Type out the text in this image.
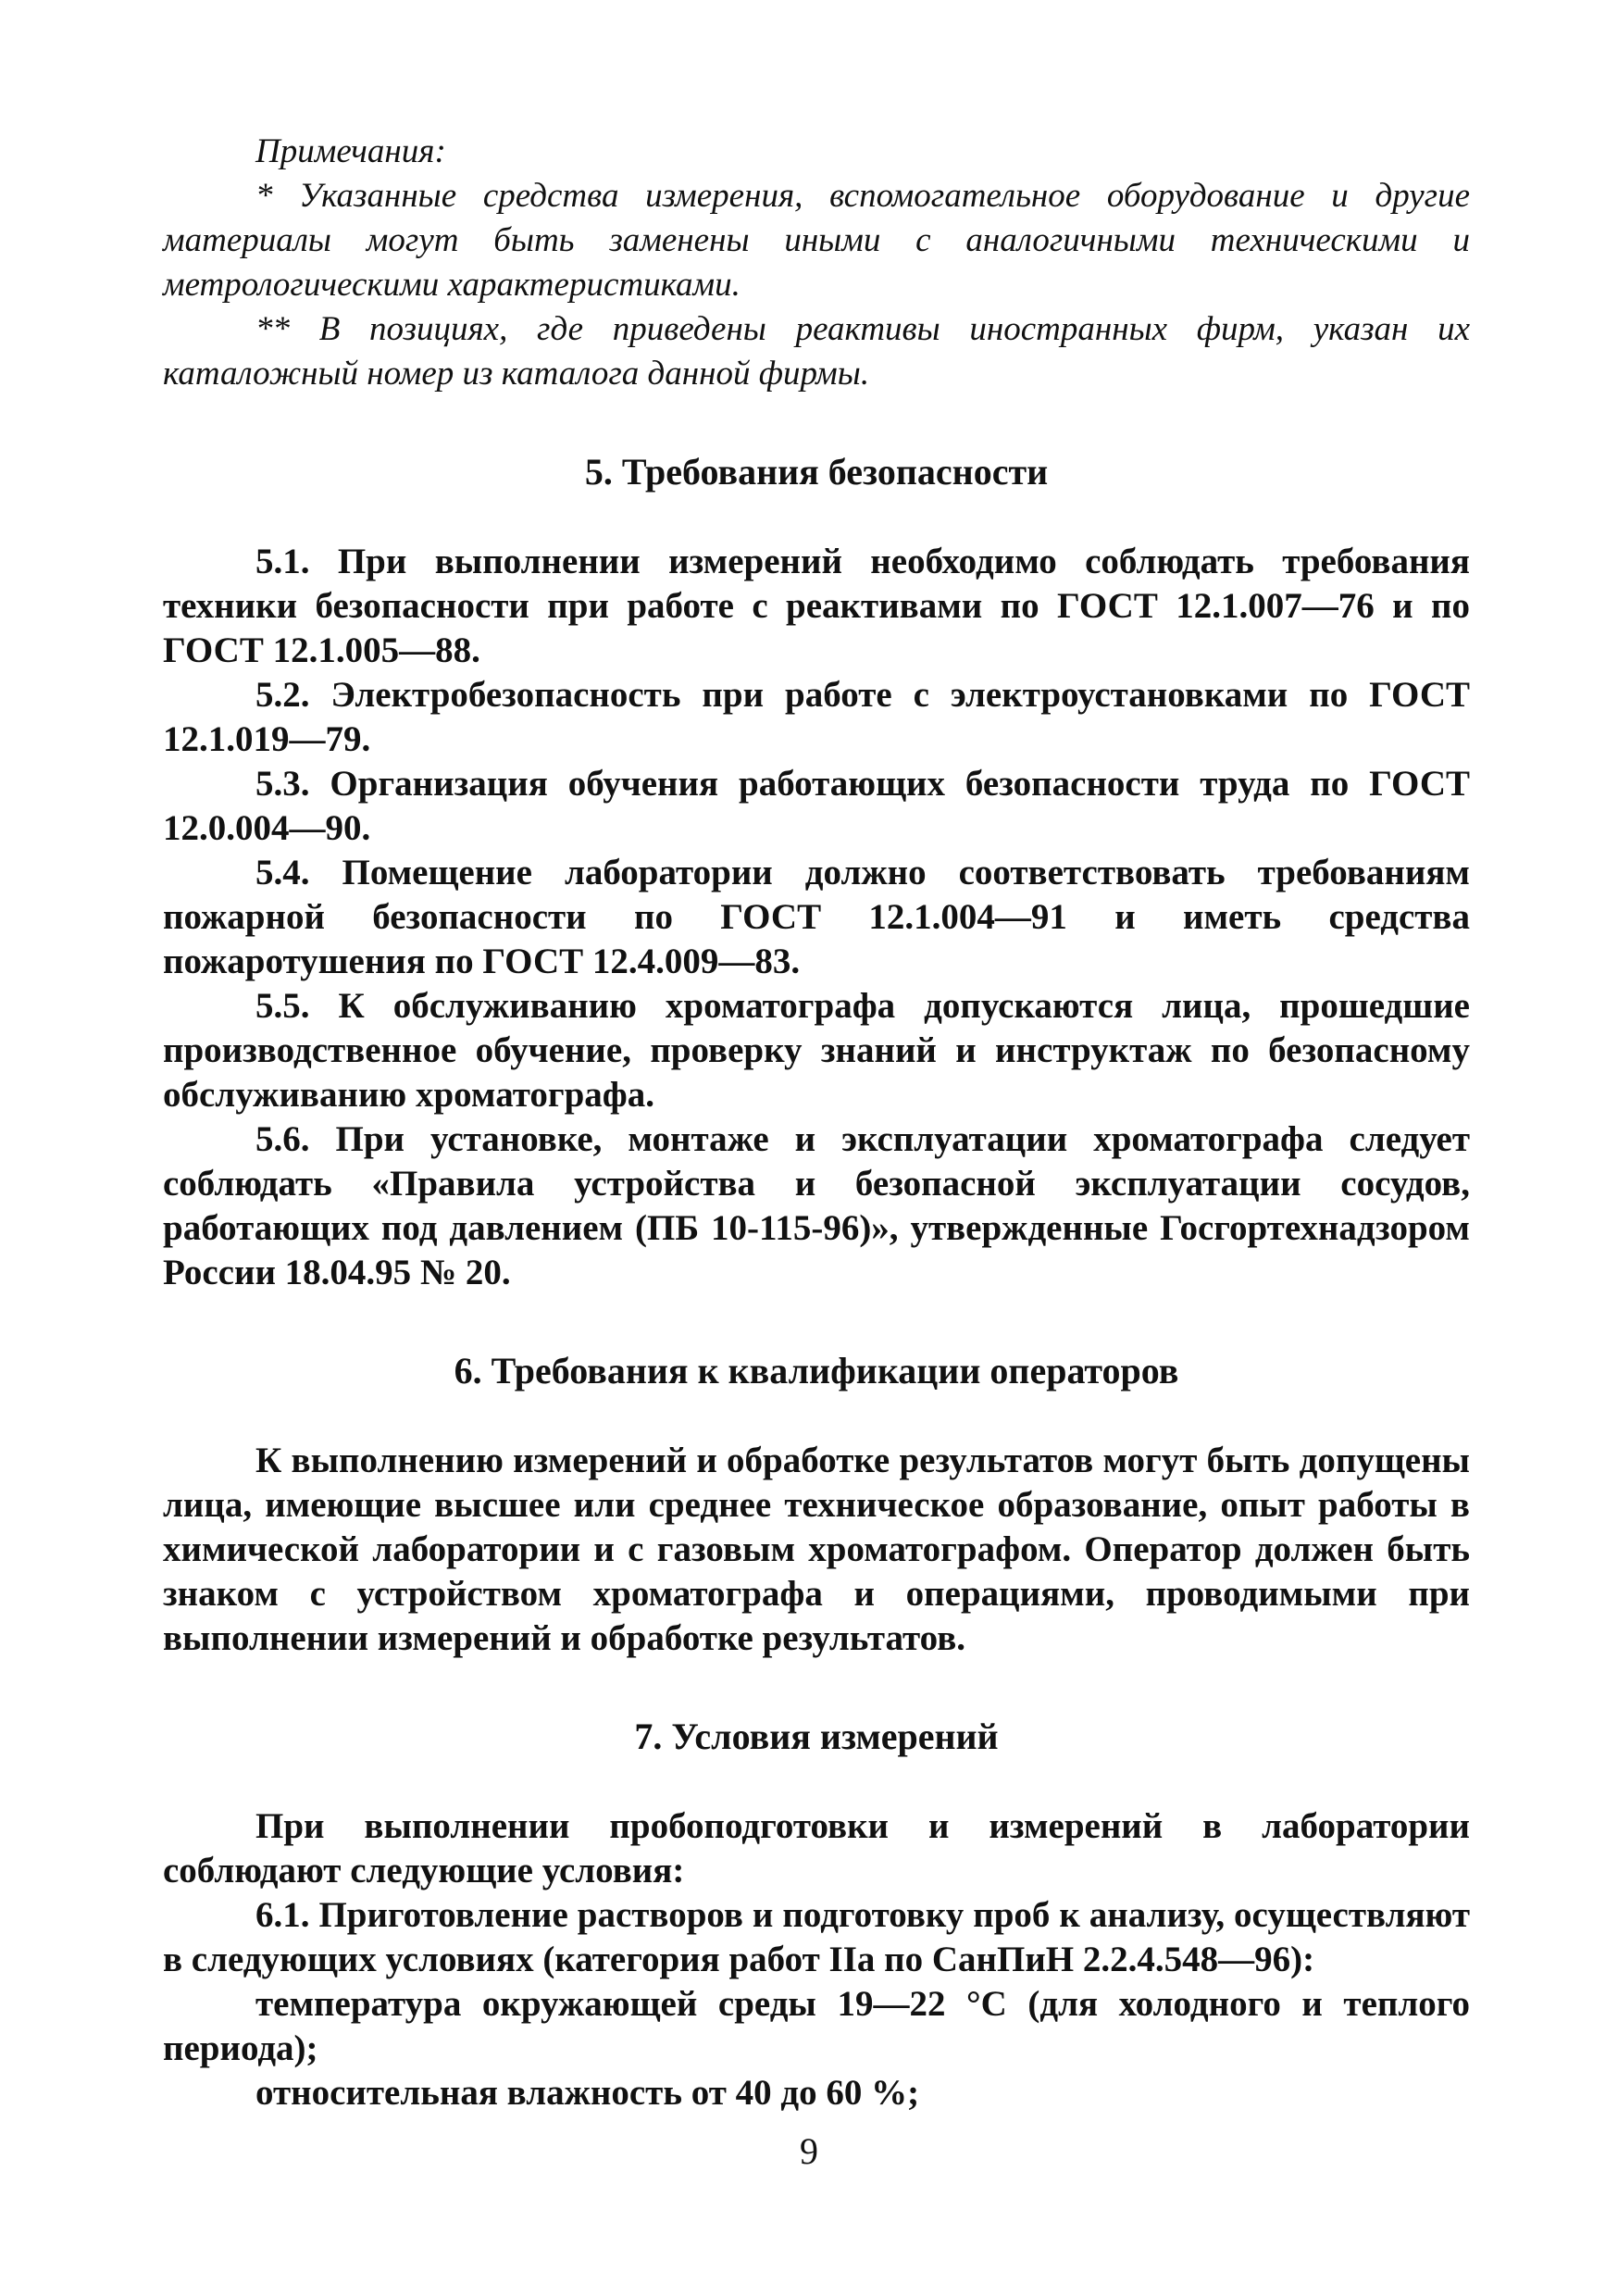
Примечания:

* Указанные средства измерения, вспомогательное оборудование и другие материалы могут быть заменены иными с аналогичными техническими и метрологическими характеристиками.

** В позициях, где приведены реактивы иностранных фирм, указан их каталожный номер из каталога данной фирмы.

5. Требования безопасности

5.1. При выполнении измерений необходимо соблюдать требования техники безопасности при работе с реактивами по ГОСТ 12.1.007—76 и по ГОСТ 12.1.005—88.

5.2. Электробезопасность при работе с электроустановками по ГОСТ 12.1.019—79.

5.3. Организация обучения работающих безопасности труда по ГОСТ 12.0.004—90.

5.4. Помещение лаборатории должно соответствовать требованиям пожарной безопасности по ГОСТ 12.1.004—91 и иметь средства пожаротушения по ГОСТ 12.4.009—83.

5.5. К обслуживанию хроматографа допускаются лица, прошедшие производственное обучение, проверку знаний и инструктаж по безопасному обслуживанию хроматографа.

5.6. При установке, монтаже и эксплуатации хроматографа следует соблюдать «Правила устройства и безопасной эксплуатации сосудов, работающих под давлением (ПБ 10-115-96)», утвержденные Госгортехнадзором России 18.04.95 № 20.

6. Требования к квалификации операторов

К выполнению измерений и обработке результатов могут быть допущены лица, имеющие высшее или среднее техническое образование, опыт работы в химической лаборатории и с газовым хроматографом. Оператор должен быть знаком с устройством хроматографа и операциями, проводимыми при выполнении измерений и обработке результатов.

7. Условия измерений

При выполнении пробоподготовки и измерений в лаборатории соблюдают следующие условия:

6.1. Приготовление растворов и подготовку проб к анализу, осуществляют в следующих условиях (категория работ IIа по СанПиН 2.2.4.548—96):

температура окружающей среды 19—22 °С (для холодного и теплого периода);

относительная влажность от 40 до 60 %;

9
